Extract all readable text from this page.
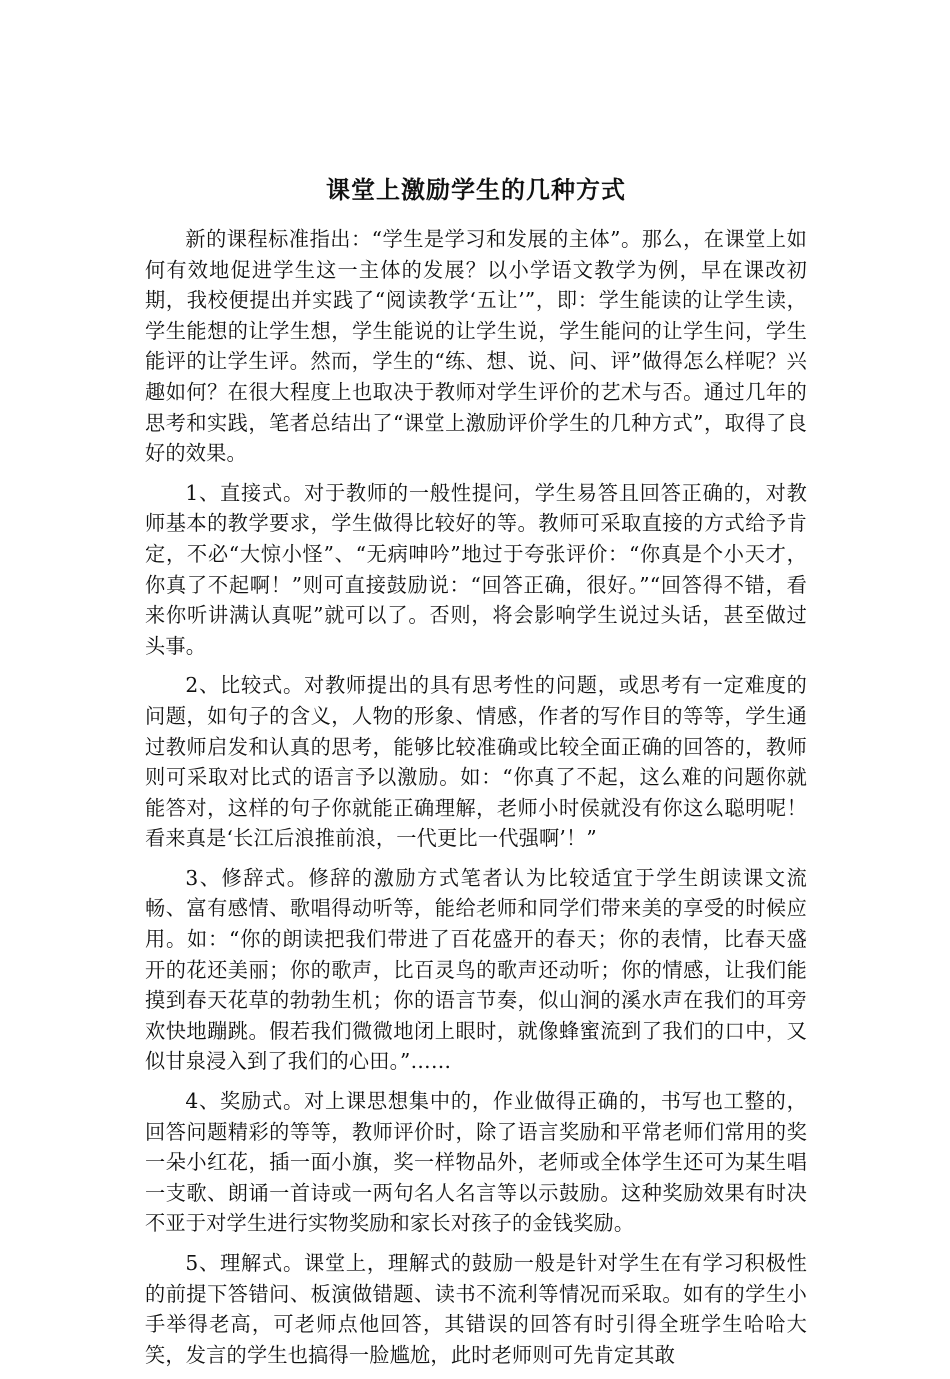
课堂上激励学生的几种方式

新的课程标准指出：“学生是学习和发展的主体”。那么，在课堂上如何有效地促进学生这一主体的发展？以小学语文教学为例，早在课改初期，我校便提出并实践了“阅读教学‘五让’”，即：学生能读的让学生读，学生能想的让学生想，学生能说的让学生说，学生能问的让学生问，学生能评的让学生评。然而，学生的“练、想、说、问、评”做得怎么样呢？兴趣如何？在很大程度上也取决于教师对学生评价的艺术与否。通过几年的思考和实践，笔者总结出了“课堂上激励评价学生的几种方式”，取得了良好的效果。

1、直接式。对于教师的一般性提问，学生易答且回答正确的，对教师基本的教学要求，学生做得比较好的等。教师可采取直接的方式给予肯定，不必“大惊小怪”、“无病呻吟”地过于夸张评价：“你真是个小天才，你真了不起啊！”则可直接鼓励说：“回答正确，很好。”“回答得不错，看来你听讲满认真呢”就可以了。否则，将会影响学生说过头话，甚至做过头事。

2、比较式。对教师提出的具有思考性的问题，或思考有一定难度的问题，如句子的含义，人物的形象、情感，作者的写作目的等等，学生通过教师启发和认真的思考，能够比较准确或比较全面正确的回答的，教师则可采取对比式的语言予以激励。如：“你真了不起，这么难的问题你就能答对，这样的句子你就能正确理解，老师小时侯就没有你这么聪明呢！看来真是‘长江后浪推前浪，一代更比一代强啊’！”

3、修辞式。修辞的激励方式笔者认为比较适宜于学生朗读课文流畅、富有感情、歌唱得动听等，能给老师和同学们带来美的享受的时候应用。如：“你的朗读把我们带进了百花盛开的春天；你的表情，比春天盛开的花还美丽；你的歌声，比百灵鸟的歌声还动听；你的情感，让我们能摸到春天花草的勃勃生机；你的语言节奏，似山涧的溪水声在我们的耳旁欢快地蹦跳。假若我们微微地闭上眼时，就像蜂蜜流到了我们的口中，又似甘泉浸入到了我们的心田。”……

4、奖励式。对上课思想集中的，作业做得正确的，书写也工整的，回答问题精彩的等等，教师评价时，除了语言奖励和平常老师们常用的奖一朵小红花，插一面小旗，奖一样物品外，老师或全体学生还可为某生唱一支歌、朗诵一首诗或一两句名人名言等以示鼓励。这种奖励效果有时决不亚于对学生进行实物奖励和家长对孩子的金钱奖励。

5、理解式。课堂上，理解式的鼓励一般是针对学生在有学习积极性的前提下答错问、板演做错题、读书不流利等情况而采取。如有的学生小手举得老高，可老师点他回答，其错误的回答有时引得全班学生哈哈大笑，发言的学生也搞得一脸尴尬，此时老师则可先肯定其敢
